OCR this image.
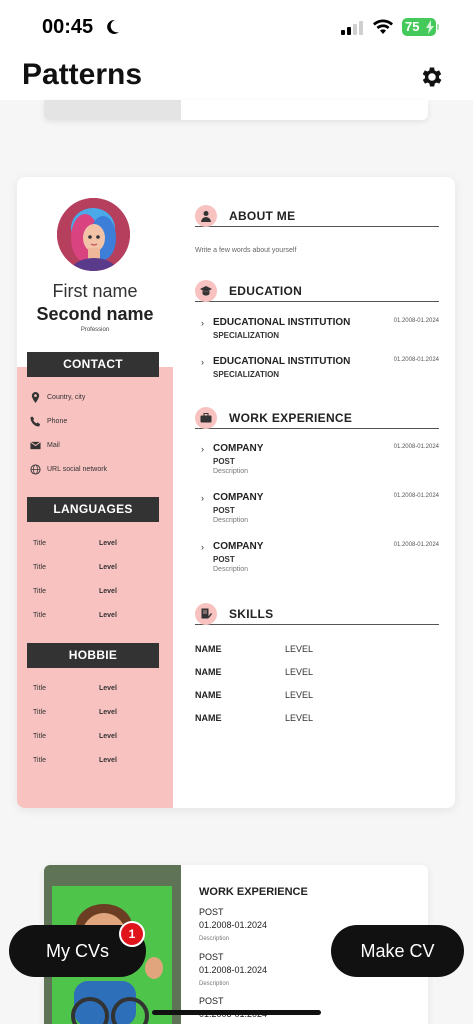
00:45	75
Patterns
First name
Second name
Profession
CONTACT
Country, city
Phone
Mail
URL social network
LANGUAGES
Title	Level
Title	Level
Title	Level
Title	Level
HOBBIE
Title	Level
Title	Level
Title	Level
Title	Level
ABOUT ME
Write a few words about yourself
EDUCATION
› EDUCATIONAL INSTITUTION
SPECIALIZATION
01.2008-01.2024
› EDUCATIONAL INSTITUTION
SPECIALIZATION
01.2008-01.2024
WORK EXPERIENCE
› COMPANY
POST
Description
01.2008-01.2024
› COMPANY
POST
Description
01.2008-01.2024
› COMPANY
POST
Description
01.2008-01.2024
SKILLS
NAME	LEVEL
NAME	LEVEL
NAME	LEVEL
NAME	LEVEL
WORK EXPERIENCE
POST
01.2008-01.2024
Description
POST
01.2008-01.2024
Description
POST
My CVs
1
Make CV
